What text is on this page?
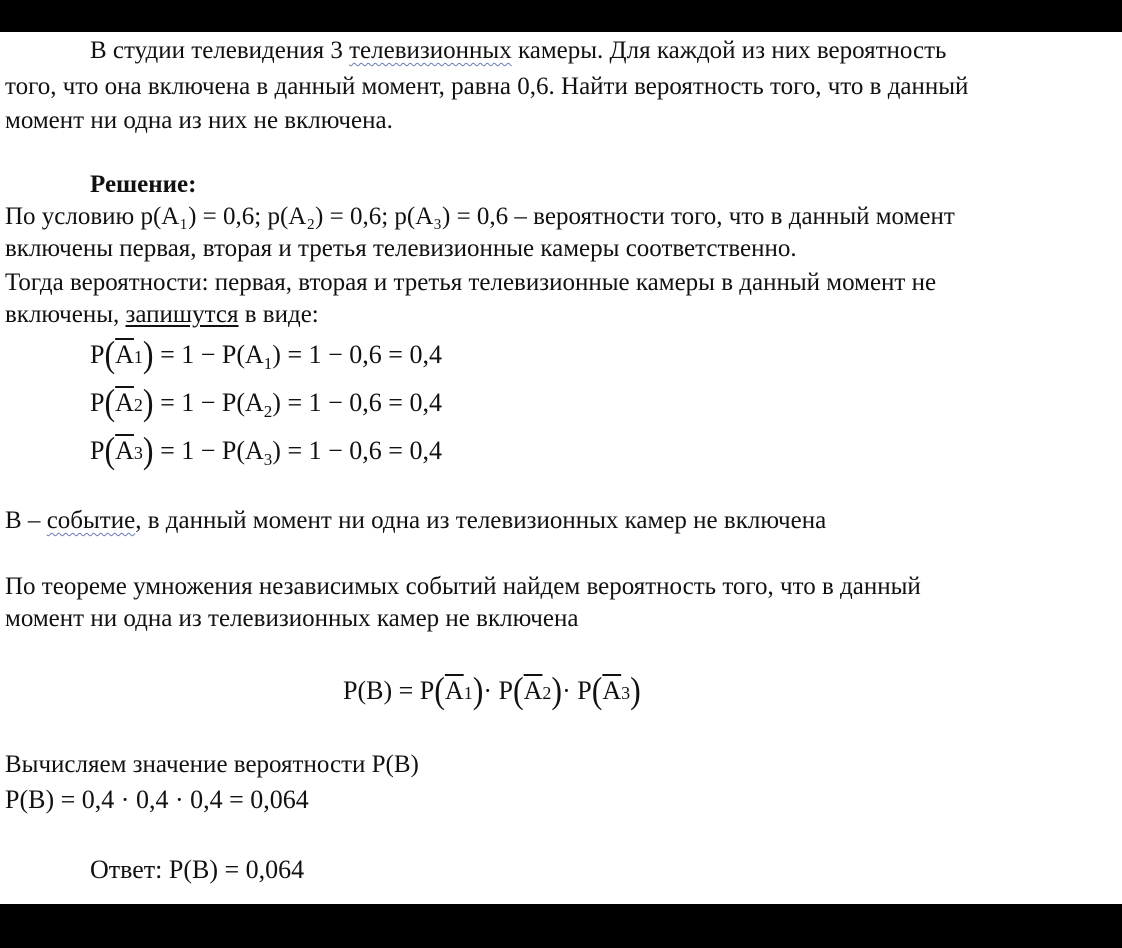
В студии телевидения 3 телевизионных камеры. Для каждой из них вероятность
того, что она включена в данный момент, равна 0,6. Найти вероятность того, что в данный
момент ни одна из них не включена.
Решение:
По условию p(A₁) = 0,6; p(A₂) = 0,6; p(A₃) = 0,6 – вероятности того, что в данный момент
включены первая, вторая и третья телевизионные камеры соответственно.
Тогда вероятности: первая, вторая и третья телевизионные камеры в данный момент не
включены, запишутся в виде:
$P(\overline{A}1) = 1 - P(A_1) = 1 - 0,6 = 0,4$
$P(\overline{A}2) = 1 - P(A_2) = 1 - 0,6 = 0,4$
$P(\overline{A}3) = 1 - P(A_3) = 1 - 0,6 = 0,4$
B – событие, в данный момент ни одна из телевизионных камер не включена
По теореме умножения независимых событий найдем вероятность того, что в данный
момент ни одна из телевизионных камер не включена
$P(B) = P(\overline{A}1)\cdot P(\overline{A}2)\cdot P(\overline{A}3)$
Вычисляем значение вероятности P(B)
P(B) = 0,4 · 0,4 · 0,4 = 0,064
Ответ: P(B) = 0,064
